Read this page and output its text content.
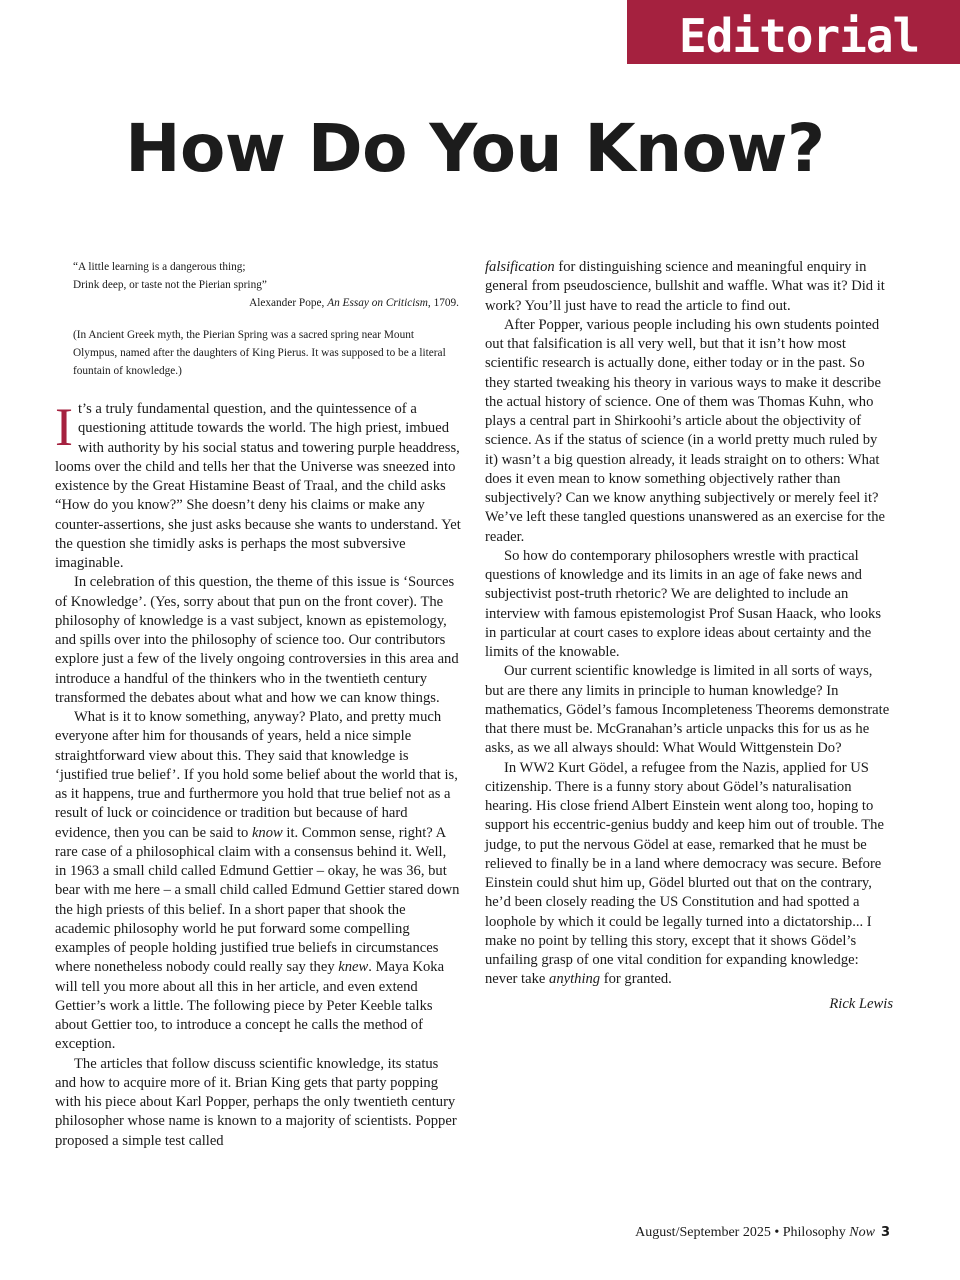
Editorial
How Do You Know?
“A little learning is a dangerous thing;
Drink deep, or taste not the Pierian spring”
Alexander Pope, An Essay on Criticism, 1709.
(In Ancient Greek myth, the Pierian Spring was a sacred spring near Mount Olympus, named after the daughters of King Pierus. It was supposed to be a literal fountain of knowledge.)

It’s a truly fundamental question, and the quintessence of a questioning attitude towards the world. The high priest, imbued with authority by his social status and towering purple headdress, looms over the child and tells her that the Universe was sneezed into existence by the Great Histamine Beast of Traal, and the child asks “How do you know?” She doesn’t deny his claims or make any counter-assertions, she just asks because she wants to understand. Yet the question she timidly asks is perhaps the most subversive imaginable.

In celebration of this question, the theme of this issue is ‘Sources of Knowledge’. (Yes, sorry about that pun on the front cover). The philosophy of knowledge is a vast subject, known as epistemology, and spills over into the philosophy of science too. Our contributors explore just a few of the lively ongoing controversies in this area and introduce a handful of the thinkers who in the twentieth century transformed the debates about what and how we can know things.

What is it to know something, anyway? Plato, and pretty much everyone after him for thousands of years, held a nice simple straightforward view about this. They said that knowledge is ‘justified true belief’. If you hold some belief about the world that is, as it happens, true and furthermore you hold that true belief not as a result of luck or coincidence or tradition but because of hard evidence, then you can be said to know it. Common sense, right? A rare case of a philosophical claim with a consensus behind it. Well, in 1963 a small child called Edmund Gettier – okay, he was 36, but bear with me here – a small child called Edmund Gettier stared down the high priests of this belief. In a short paper that shook the academic philosophy world he put forward some compelling examples of people holding justified true beliefs in circumstances where nonetheless nobody could really say they knew. Maya Koka will tell you more about all this in her article, and even extend Gettier’s work a little. The following piece by Peter Keeble talks about Gettier too, to introduce a concept he calls the method of exception.

The articles that follow discuss scientific knowledge, its status and how to acquire more of it. Brian King gets that party popping with his piece about Karl Popper, perhaps the only twentieth century philosopher whose name is known to a majority of scientists. Popper proposed a simple test called

falsification for distinguishing science and meaningful enquiry in general from pseudoscience, bullshit and waffle. What was it? Did it work? You’ll just have to read the article to find out.

After Popper, various people including his own students pointed out that falsification is all very well, but that it isn’t how most scientific research is actually done, either today or in the past. So they started tweaking his theory in various ways to make it describe the actual history of science. One of them was Thomas Kuhn, who plays a central part in Shirkoohi’s article about the objectivity of science. As if the status of science (in a world pretty much ruled by it) wasn’t a big question already, it leads straight on to others: What does it even mean to know something objectively rather than subjectively? Can we know anything subjectively or merely feel it? We’ve left these tangled questions unanswered as an exercise for the reader.

So how do contemporary philosophers wrestle with practical questions of knowledge and its limits in an age of fake news and subjectivist post-truth rhetoric? We are delighted to include an interview with famous epistemologist Prof Susan Haack, who looks in particular at court cases to explore ideas about certainty and the limits of the knowable.

Our current scientific knowledge is limited in all sorts of ways, but are there any limits in principle to human knowledge? In mathematics, Gödel’s famous Incompleteness Theorems demonstrate that there must be. McGranahan’s article unpacks this for us as he asks, as we all always should: What Would Wittgenstein Do?

In WW2 Kurt Gödel, a refugee from the Nazis, applied for US citizenship. There is a funny story about Gödel’s naturalisation hearing. His close friend Albert Einstein went along too, hoping to support his eccentric-genius buddy and keep him out of trouble. The judge, to put the nervous Gödel at ease, remarked that he must be relieved to finally be in a land where democracy was secure. Before Einstein could shut him up, Gödel blurted out that on the contrary, he’d been closely reading the US Constitution and had spotted a loophole by which it could be legally turned into a dictatorship... I make no point by telling this story, except that it shows Gödel’s unfailing grasp of one vital condition for expanding knowledge: never take anything for granted.

Rick Lewis

August/September 2025 • Philosophy Now 3
